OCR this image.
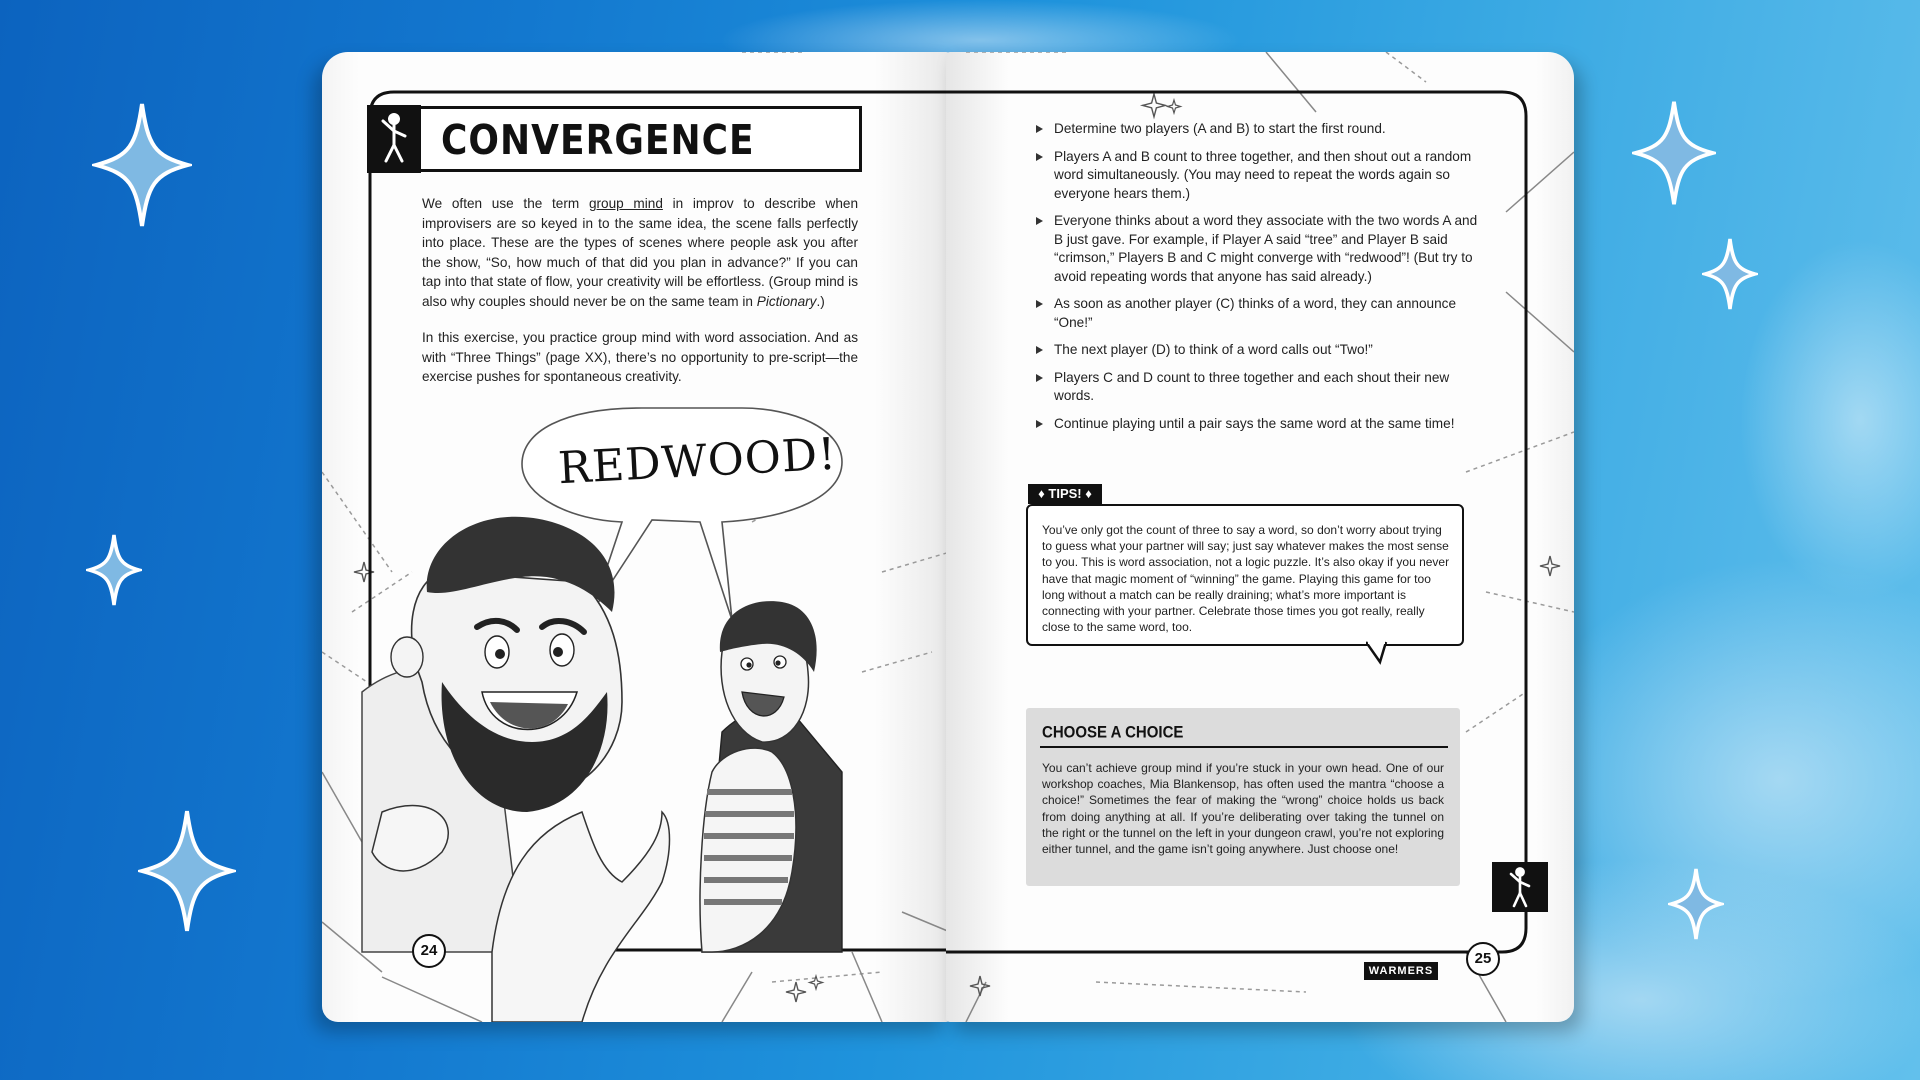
CONVERGENCE
We often use the term group mind in improv to describe when improvisers are so keyed in to the same idea, the scene falls perfectly into place. These are the types of scenes where people ask you after the show, “So, how much of that did you plan in advance?” If you can tap into that state of flow, your creativity will be effortless. (Group mind is also why couples should never be on the same team in Pictionary.)
In this exercise, you practice group mind with word association. And as with “Three Things” (page XX), there’s no opportunity to pre-script—the exercise pushes for spontaneous creativity.
REDWOOD!
24
Determine two players (A and B) to start the first round.
Players A and B count to three together, and then shout out a random word simultaneously. (You may need to repeat the words again so everyone hears them.)
Everyone thinks about a word they associate with the two words A and B just gave. For example, if Player A said “tree” and Player B said “crimson,” Players B and C might converge with “redwood”! (But try to avoid repeating words that anyone has said already.)
As soon as another player (C) thinks of a word, they can announce “One!”
The next player (D) to think of a word calls out “Two!”
Players C and D count to three together and each shout their new words.
Continue playing until a pair says the same word at the same time!
♦ TIPS! ♦
You’ve only got the count of three to say a word, so don’t worry about trying to guess what your partner will say; just say whatever makes the most sense to you. This is word association, not a logic puzzle. It’s also okay if you never have that magic moment of “winning” the game. Playing this game for too long without a match can be really draining; what’s more important is connecting with your partner. Celebrate those times you got really, really close to the same word, too.
CHOOSE A CHOICE
You can’t achieve group mind if you’re stuck in your own head. One of our workshop coaches, Mia Blankensop, has often used the mantra “choose a choice!” Sometimes the fear of making the “wrong” choice holds us back from doing anything at all. If you’re deliberating over taking the tunnel on the right or the tunnel on the left in your dungeon crawl, you’re not exploring either tunnel, and the game isn’t going anywhere. Just choose one!
WARMERS
25
